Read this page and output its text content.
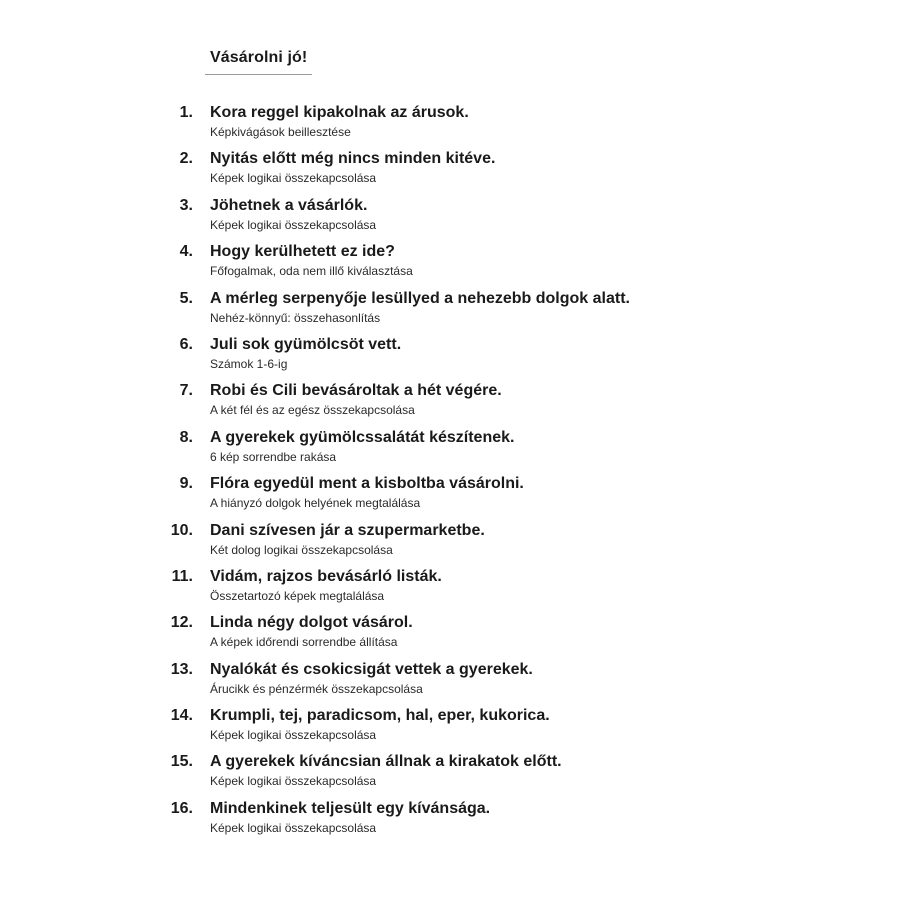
Vásárolni jó!
1. Kora reggel kipakolnak az árusok.
Képkivágások beillesztése
2. Nyitás előtt még nincs minden kitéve.
Képek logikai összekapcsolása
3. Jöhetnek a vásárlók.
Képek logikai összekapcsolása
4. Hogy kerülhetett ez ide?
Főfogalmak, oda nem illő kiválasztása
5. A mérleg serpenyője lesüllyed a nehezebb dolgok alatt.
Nehéz-könnyű: összehasonlítás
6. Juli sok gyümölcsöt vett.
Számok 1-6-ig
7. Robi és Cili bevásároltak a hét végére.
A két fél és az egész összekapcsolása
8. A gyerekek gyümölcssalátát készítenek.
6 kép sorrendbe rakása
9. Flóra egyedül ment a kisboltba vásárolni.
A hiányzó dolgok helyének megtalálása
10. Dani szívesen jár a szupermarketbe.
Két dolog logikai összekapcsolása
11. Vidám, rajzos bevásárló listák.
Összetartozó képek megtalálása
12. Linda négy dolgot vásárol.
A képek időrendi sorrendbe állítása
13. Nyalókát és csokicsigát vettek a gyerekek.
Árucikk és pénzérmék összekapcsolása
14. Krumpli, tej, paradicsom, hal, eper, kukorica.
Képek logikai összekapcsolása
15. A gyerekek kíváncsian állnak a kirakatok előtt.
Képek logikai összekapcsolása
16. Mindenkinek teljesült egy kívánsága.
Képek logikai összekapcsolása
